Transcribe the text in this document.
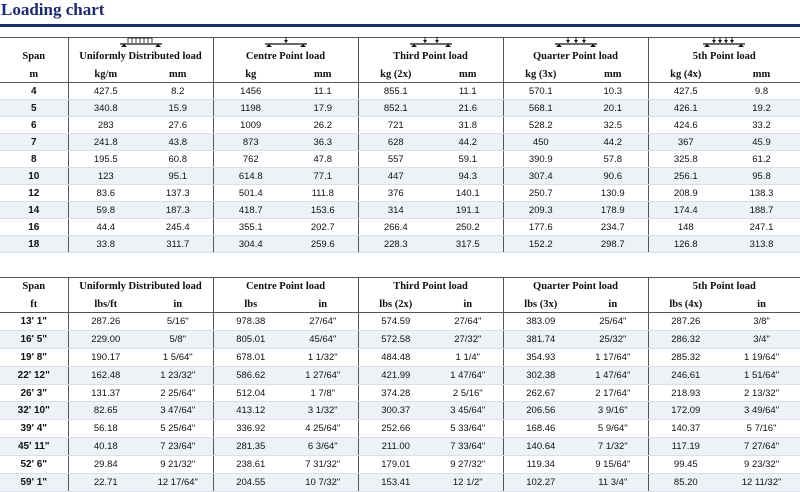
Loading chart

Span	Uniformly Distributed load		Centre Point load		Third Point load		Quarter Point load		5th Point load	
m	kg/m	mm	kg	mm	kg (2x)	mm	kg (3x)	mm	kg (4x)	mm
4	427.5	8.2	1456	11.1	855.1	11.1	570.1	10.3	427.5	9.8
5	340.8	15.9	1198	17.9	852.1	21.6	568.1	20.1	426.1	19.2
6	283	27.6	1009	26.2	721	31.8	528.2	32.5	424.6	33.2
7	241.8	43.8	873	36.3	628	44.2	450	44.2	367	45.9
8	195.5	60.8	762	47.8	557	59.1	390.9	57.8	325.8	61.2
10	123	95.1	614.8	77.1	447	94.3	307.4	90.6	256.1	95.8
12	83.6	137.3	501.4	111.8	376	140.1	250.7	130.9	208.9	138.3
14	59.8	187.3	418.7	153.6	314	191.1	209.3	178.9	174.4	188.7
16	44.4	245.4	355.1	202.7	266.4	250.2	177.6	234.7	148	247.1
18	33.8	311.7	304.4	259.6	228.3	317.5	152.2	298.7	126.8	313.8
Span	Uniformly Distributed load		Centre Point load		Third Point load		Quarter Point load		5th Point load	
ft	lbs/ft	in	lbs	in	lbs (2x)	in	lbs (3x)	in	lbs (4x)	in
13' 1"	287.26	5/16"	978.38	27/64"	574.59	27/64"	383.09	25/64"	287.26	3/8"
16' 5"	229.00	5/8"	805.01	45/64"	572.58	27/32"	381.74	25/32"	286.32	3/4"
19' 8"	190.17	1 5/64"	678.01	1 1/32"	484.48	1 1/4"	354.93	1 17/64"	285.32	1 19/64"
22' 12"	162.48	1 23/32"	586.62	1 27/64"	421.99	1 47/64"	302.38	1 47/64"	246.61	1 51/64"
26' 3"	131.37	2 25/64"	512.04	1 7/8"	374.28	2 5/16"	262.67	2 17/64"	218.93	2 13/32"
32' 10"	82.65	3 47/64"	413.12	3 1/32"	300.37	3 45/64"	206.56	3 9/16"	172.09	3 49/64"
39' 4"	56.18	5 25/64"	336.92	4 25/64"	252.66	5 33/64"	168.46	5 9/64"	140.37	5 7/16"
45' 11"	40.18	7 23/64"	281.35	6 3/64"	211.00	7 33/64"	140.64	7 1/32"	117.19	7 27/64"
52' 6"	29.84	9 21/32"	238.61	7 31/32"	179.01	9 27/32"	119.34	9 15/64"	99.45	9 23/32"
59' 1"	22.71	12 17/64"	204.55	10 7/32"	153.41	12 1/2"	102.27	11 3/4"	85.20	12 11/32"
